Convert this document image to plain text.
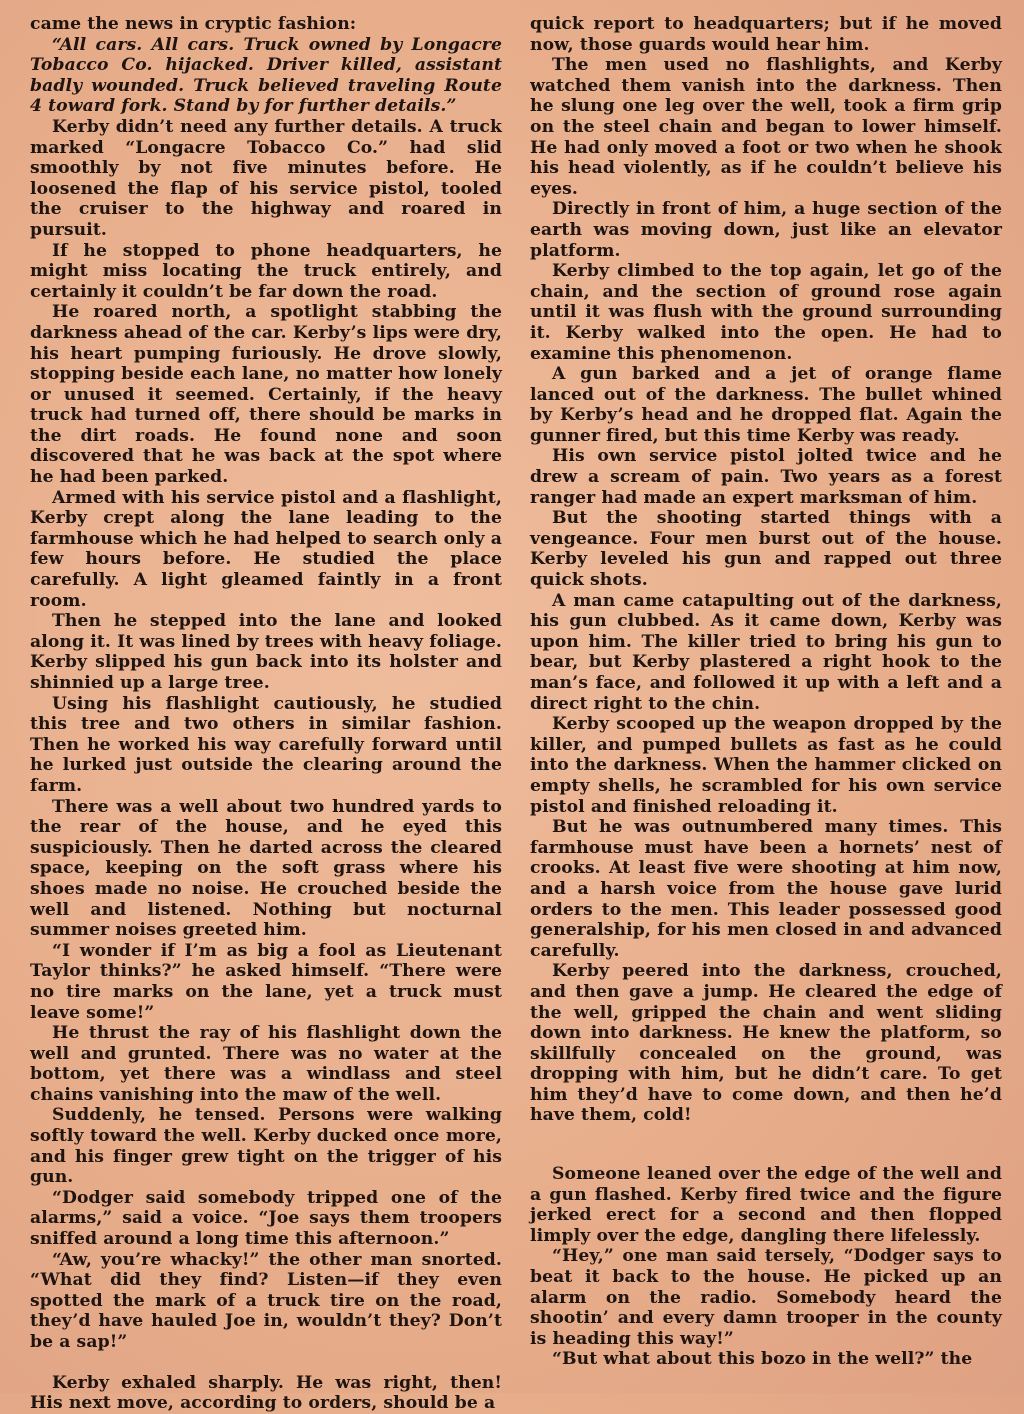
came the news in cryptic fashion:

“All cars. All cars. Truck owned by Longacre Tobacco Co. hijacked. Driver killed, assistant badly wounded. Truck believed traveling Route 4 toward fork. Stand by for further details.”

Kerby didn’t need any further details. A truck marked “Longacre Tobacco Co.” had slid smoothly by not five minutes before. He loosened the flap of his service pistol, tooled the cruiser to the highway and roared in pursuit.

If he stopped to phone headquarters, he might miss locating the truck entirely, and certainly it couldn’t be far down the road.

He roared north, a spotlight stabbing the darkness ahead of the car. Kerby’s lips were dry, his heart pumping furiously. He drove slowly, stopping beside each lane, no matter how lonely or unused it seemed. Certainly, if the heavy truck had turned off, there should be marks in the dirt roads. He found none and soon discovered that he was back at the spot where he had been parked.

Armed with his service pistol and a flashlight, Kerby crept along the lane leading to the farmhouse which he had helped to search only a few hours before. He studied the place carefully. A light gleamed faintly in a front room.

Then he stepped into the lane and looked along it. It was lined by trees with heavy foliage. Kerby slipped his gun back into its holster and shinnied up a large tree.

Using his flashlight cautiously, he studied this tree and two others in similar fashion. Then he worked his way carefully forward until he lurked just outside the clearing around the farm.

There was a well about two hundred yards to the rear of the house, and he eyed this suspiciously. Then he darted across the cleared space, keeping on the soft grass where his shoes made no noise. He crouched beside the well and listened. Nothing but nocturnal summer noises greeted him.

“I wonder if I’m as big a fool as Lieutenant Taylor thinks?” he asked himself. “There were no tire marks on the lane, yet a truck must leave some!”

He thrust the ray of his flashlight down the well and grunted. There was no water at the bottom, yet there was a windlass and steel chains vanishing into the maw of the well.

Suddenly, he tensed. Persons were walking softly toward the well. Kerby ducked once more, and his finger grew tight on the trigger of his gun.

“Dodger said somebody tripped one of the alarms,” said a voice. “Joe says them troopers sniffed around a long time this afternoon.”

“Aw, you’re whacky!” the other man snorted. “What did they find? Listen—if they even spotted the mark of a truck tire on the road, they’d have hauled Joe in, wouldn’t they? Don’t be a sap!”

Kerby exhaled sharply. He was right, then! His next move, according to orders, should be a

quick report to headquarters; but if he moved now, those guards would hear him.

The men used no flashlights, and Kerby watched them vanish into the darkness. Then he slung one leg over the well, took a firm grip on the steel chain and began to lower himself. He had only moved a foot or two when he shook his head violently, as if he couldn’t believe his eyes.

Directly in front of him, a huge section of the earth was moving down, just like an elevator platform.

Kerby climbed to the top again, let go of the chain, and the section of ground rose again until it was flush with the ground surrounding it. Kerby walked into the open. He had to examine this phenomenon.

A gun barked and a jet of orange flame lanced out of the darkness. The bullet whined by Kerby’s head and he dropped flat. Again the gunner fired, but this time Kerby was ready.

His own service pistol jolted twice and he drew a scream of pain. Two years as a forest ranger had made an expert marksman of him.

But the shooting started things with a vengeance. Four men burst out of the house. Kerby leveled his gun and rapped out three quick shots.

A man came catapulting out of the darkness, his gun clubbed. As it came down, Kerby was upon him. The killer tried to bring his gun to bear, but Kerby plastered a right hook to the man’s face, and followed it up with a left and a direct right to the chin.

Kerby scooped up the weapon dropped by the killer, and pumped bullets as fast as he could into the darkness. When the hammer clicked on empty shells, he scrambled for his own service pistol and finished reloading it.

But he was outnumbered many times. This farmhouse must have been a hornets’ nest of crooks. At least five were shooting at him now, and a harsh voice from the house gave lurid orders to the men. This leader possessed good generalship, for his men closed in and advanced carefully.

Kerby peered into the darkness, crouched, and then gave a jump. He cleared the edge of the well, gripped the chain and went sliding down into darkness. He knew the platform, so skillfully concealed on the ground, was dropping with him, but he didn’t care. To get him they’d have to come down, and then he’d have them, cold!

Someone leaned over the edge of the well and a gun flashed. Kerby fired twice and the figure jerked erect for a second and then flopped limply over the edge, dangling there lifelessly.

“Hey,” one man said tersely, “Dodger says to beat it back to the house. He picked up an alarm on the radio. Somebody heard the shootin’ and every damn trooper in the county is heading this way!”

“But what about this bozo in the well?” the
